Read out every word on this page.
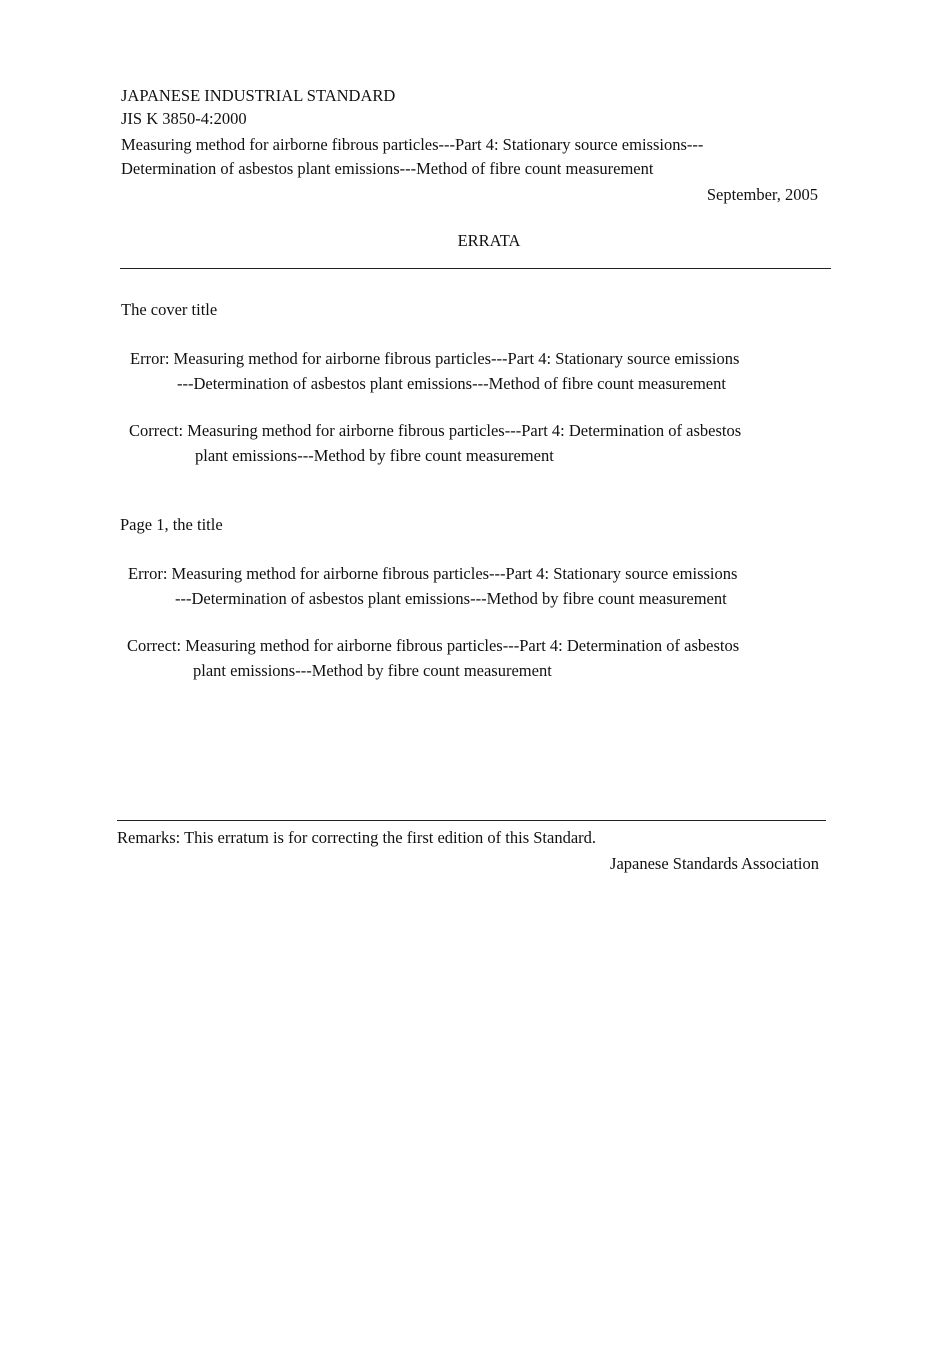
JAPANESE INDUSTRIAL STANDARD
JIS K 3850-4:2000
Measuring method for airborne fibrous particles---Part 4: Stationary source emissions---
Determination of asbestos plant emissions---Method of fibre count measurement
September, 2005
ERRATA
The cover title
Error: Measuring method for airborne fibrous particles---Part 4: Stationary source emissions
---Determination of asbestos plant emissions---Method of fibre count measurement
Correct: Measuring method for airborne fibrous particles---Part 4: Determination of asbestos
plant emissions---Method by fibre count measurement
Page 1, the title
Error: Measuring method for airborne fibrous particles---Part 4: Stationary source emissions
---Determination of asbestos plant emissions---Method by fibre count measurement
Correct: Measuring method for airborne fibrous particles---Part 4: Determination of asbestos
plant emissions---Method by fibre count measurement
Remarks: This erratum is for correcting the first edition of this Standard.
Japanese Standards Association
